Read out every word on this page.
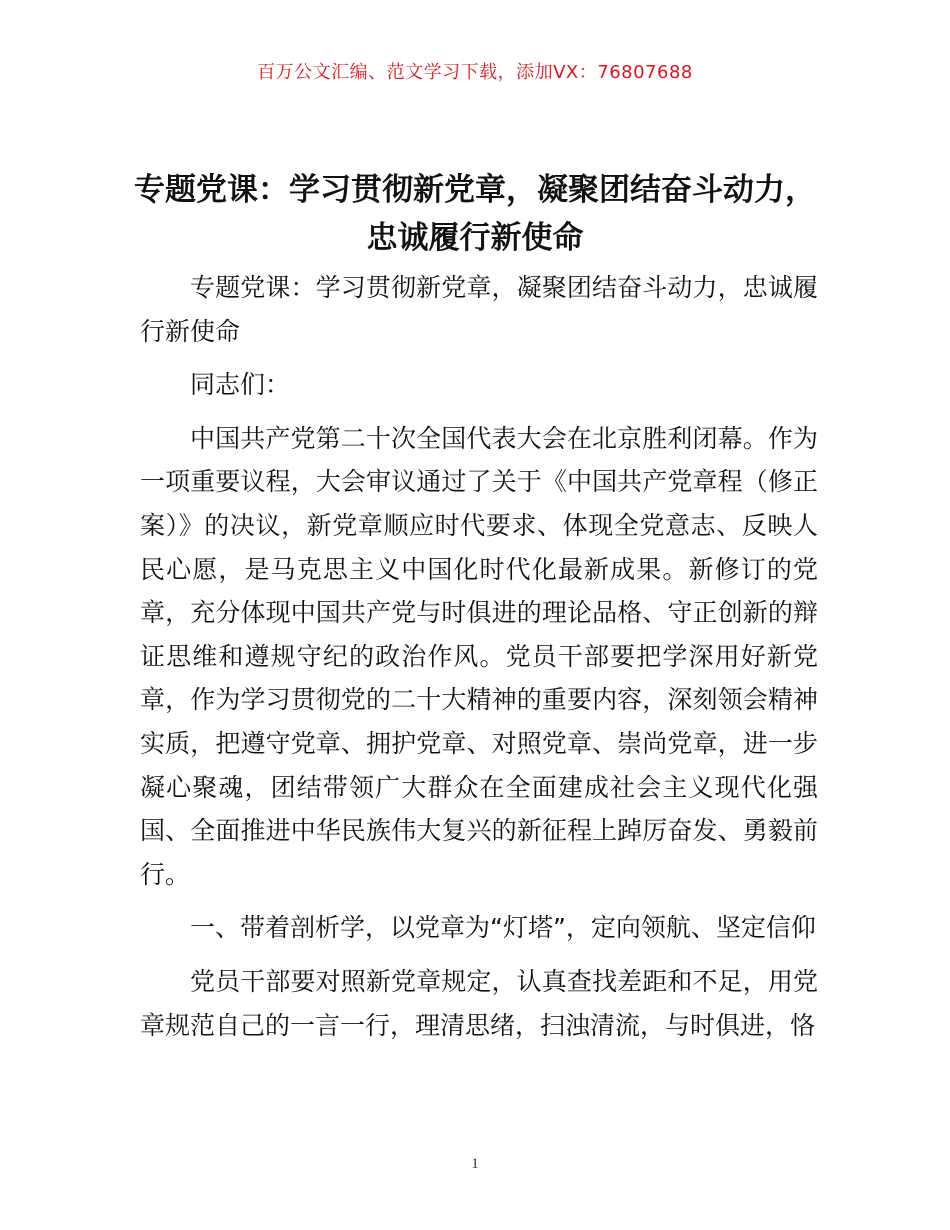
百万公文汇编、范文学习下载，添加VX：76807688
专题党课：学习贯彻新党章，凝聚团结奋斗动力，忠诚履行新使命

专题党课：学习贯彻新党章，凝聚团结奋斗动力，忠诚履行新使命

同志们：

中国共产党第二十次全国代表大会在北京胜利闭幕。作为一项重要议程，大会审议通过了关于《中国共产党章程（修正案）》的决议，新党章顺应时代要求、体现全党意志、反映人民心愿，是马克思主义中国化时代化最新成果。新修订的党章，充分体现中国共产党与时俱进的理论品格、守正创新的辩证思维和遵规守纪的政治作风。党员干部要把学深用好新党章，作为学习贯彻党的二十大精神的重要内容，深刻领会精神实质，把遵守党章、拥护党章、对照党章、崇尚党章，进一步凝心聚魂，团结带领广大群众在全面建成社会主义现代化强国、全面推进中华民族伟大复兴的新征程上踔厉奋发、勇毅前行。

一、带着剖析学，以党章为“灯塔”，定向领航、坚定信仰

党员干部要对照新党章规定，认真查找差距和不足，用党章规范自己的一言一行，理清思绪，扫浊清流，与时俱进，恪

1
